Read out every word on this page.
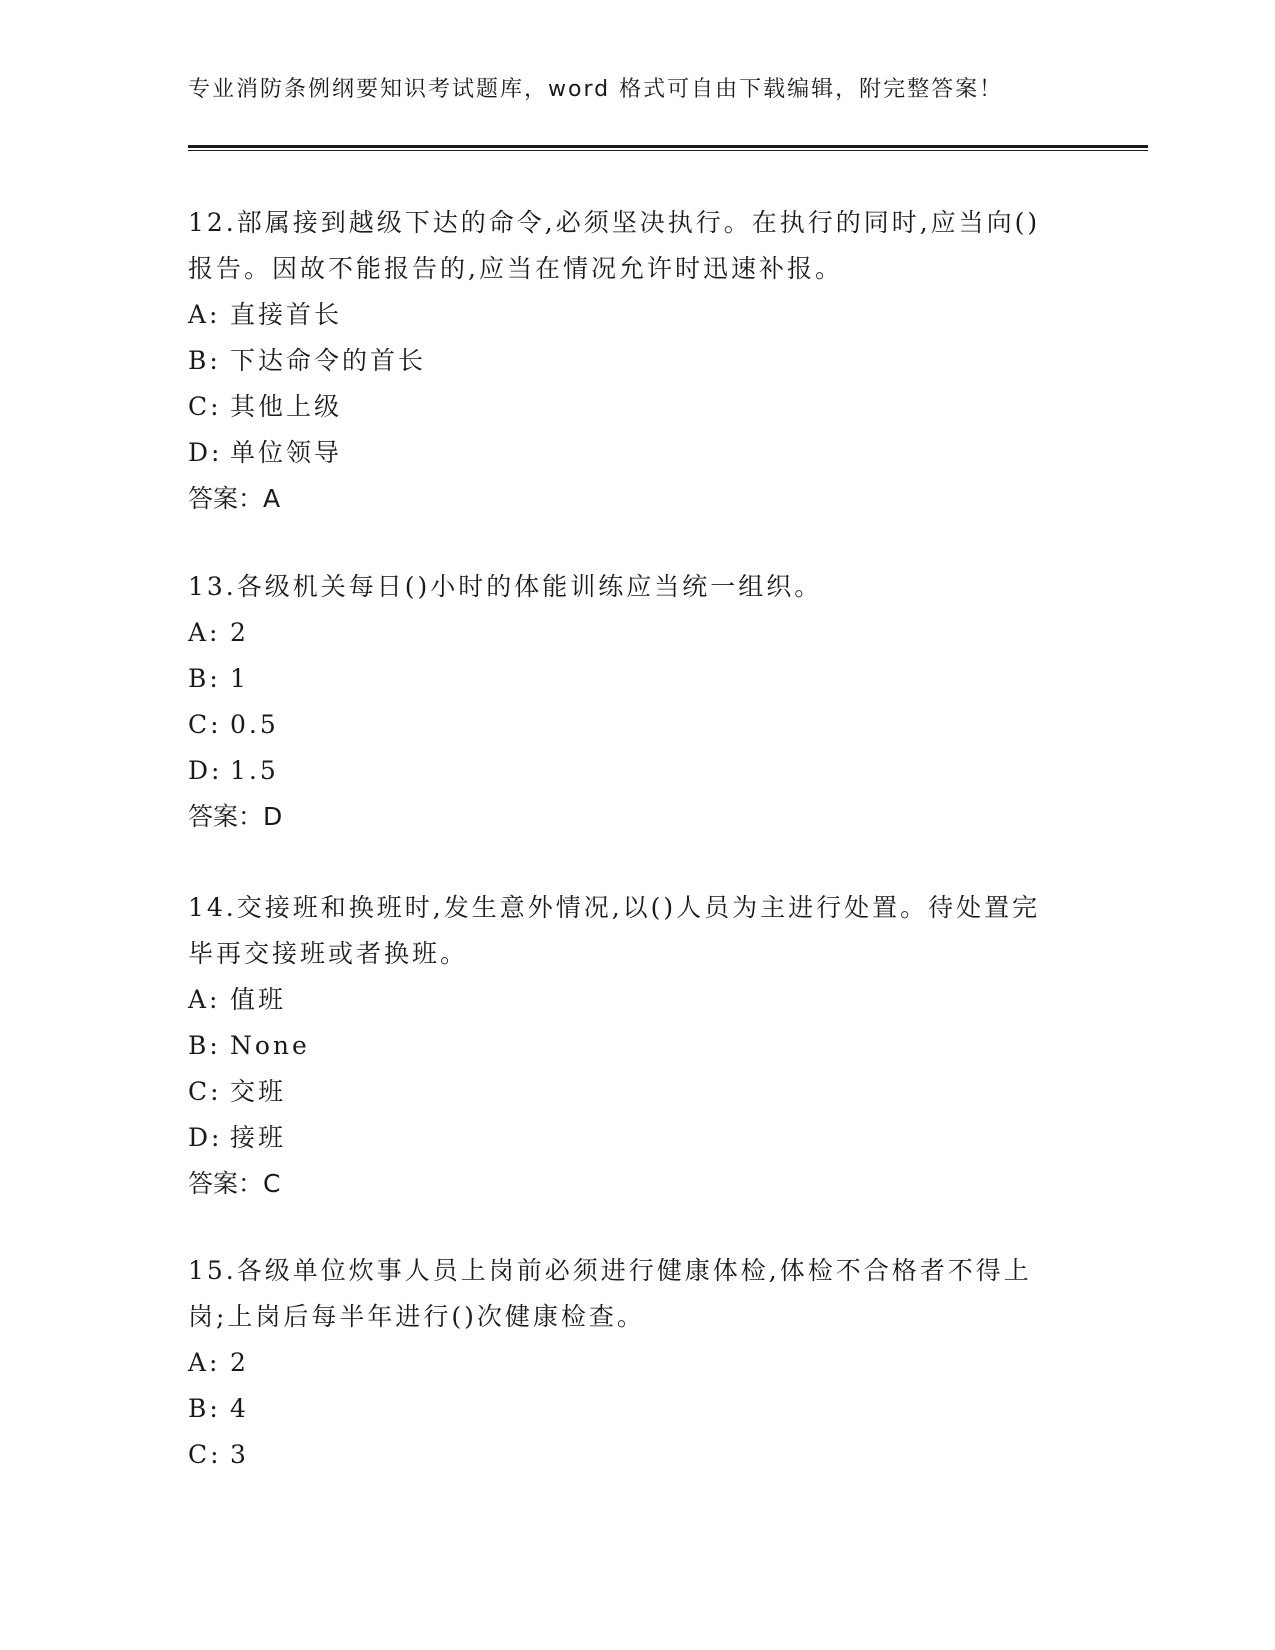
专业消防条例纲要知识考试题库，word 格式可自由下载编辑，附完整答案！

12.部属接到越级下达的命令,必须坚决执行。在执行的同时,应当向()报告。因故不能报告的,应当在情况允许时迅速补报。

A: 直接首长

B: 下达命令的首长

C: 其他上级

D: 单位领导

答案：A

13.各级机关每日()小时的体能训练应当统一组织。

A: 2

B: 1

C: 0.5

D: 1.5

答案：D

14.交接班和换班时,发生意外情况,以()人员为主进行处置。待处置完毕再交接班或者换班。

A: 值班

B: None

C: 交班

D: 接班

答案：C

15.各级单位炊事人员上岗前必须进行健康体检,体检不合格者不得上岗;上岗后每半年进行()次健康检查。

A: 2

B: 4

C: 3
